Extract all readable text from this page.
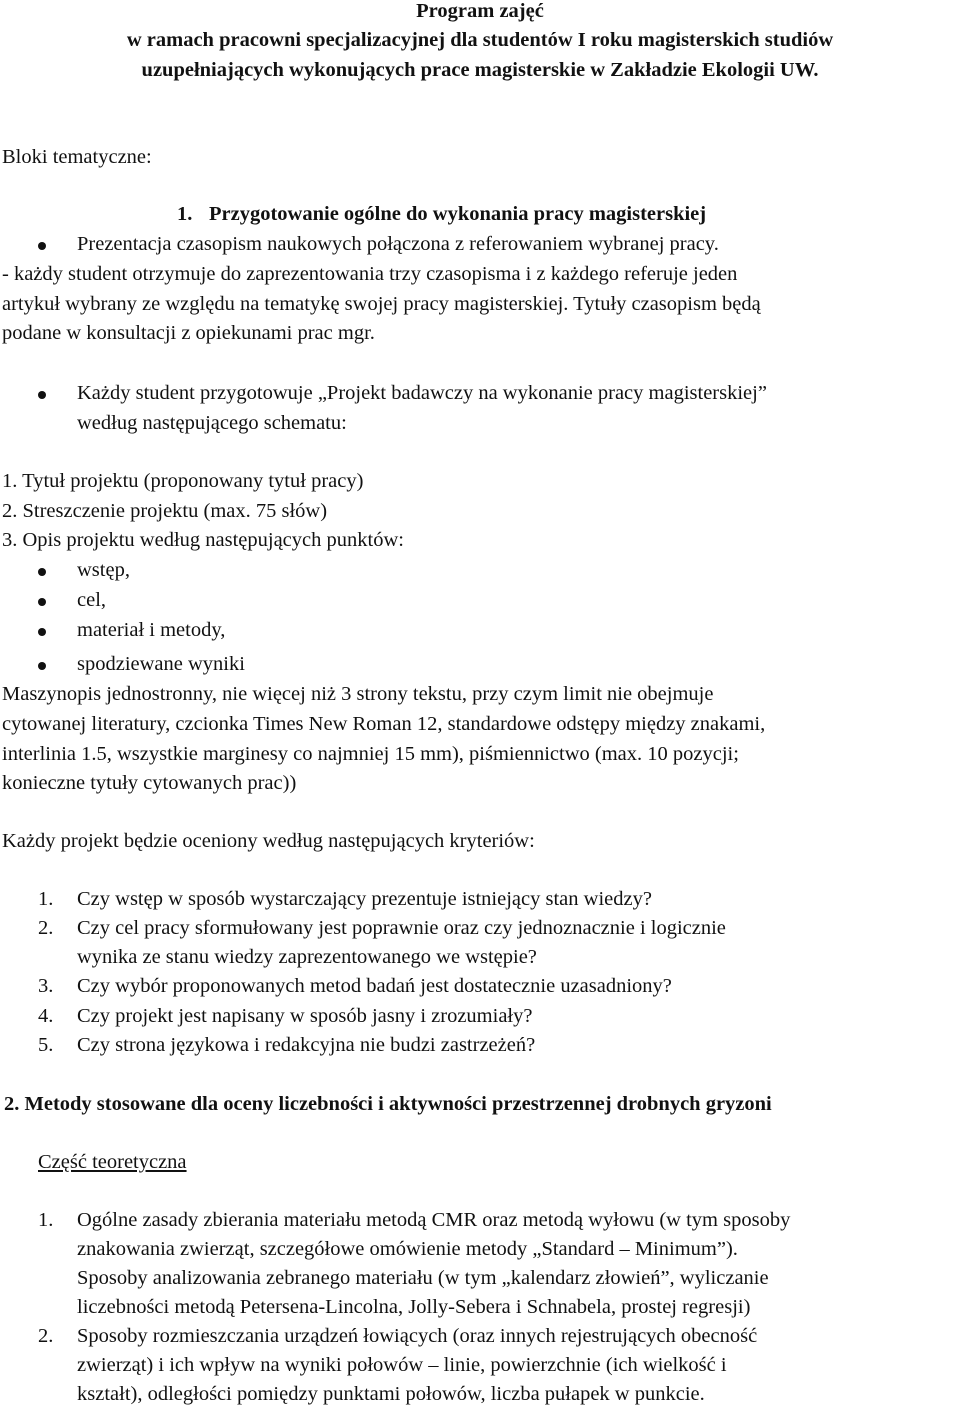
Program zajęć
w ramach pracowni specjalizacyjnej dla studentów I roku magisterskich studiów
uzupełniających wykonujących prace magisterskie w Zakładzie Ekologii UW.
Bloki tematyczne:
1. Przygotowanie ogólne do wykonania pracy magisterskiej
Prezentacja czasopism naukowych połączona z referowaniem wybranej pracy.
- każdy student otrzymuje do zaprezentowania trzy czasopisma i z każdego referuje jeden
artykuł wybrany ze względu na tematykę swojej pracy magisterskiej. Tytuły czasopism będą
podane w konsultacji z opiekunami prac mgr.
Każdy student przygotowuje „Projekt badawczy na wykonanie pracy magisterskiej”
według następującego schematu:
1. Tytuł projektu (proponowany tytuł pracy)
2. Streszczenie projektu (max. 75 słów)
3. Opis projektu według następujących punktów:
wstęp,
cel,
materiał i metody,
spodziewane wyniki
Maszynopis jednostronny, nie więcej niż 3 strony tekstu, przy czym limit nie obejmuje
cytowanej literatury, czcionka Times New Roman 12, standardowe odstępy między znakami,
interlinia 1.5, wszystkie marginesy co najmniej 15 mm), piśmiennictwo (max. 10 pozycji;
konieczne tytuły cytowanych prac))
Każdy projekt będzie oceniony według następujących kryteriów:
1. Czy wstęp w sposób wystarczający prezentuje istniejący stan wiedzy?
2. Czy cel pracy sformułowany jest poprawnie oraz czy jednoznacznie i logicznie
wynika ze stanu wiedzy zaprezentowanego we wstępie?
3. Czy wybór proponowanych metod badań jest dostatecznie uzasadniony?
4. Czy projekt jest napisany w sposób jasny i zrozumiały?
5. Czy strona językowa i redakcyjna nie budzi zastrzeżeń?
2. Metody stosowane dla oceny liczebności i aktywności przestrzennej drobnych gryzoni
Część teoretyczna
1. Ogólne zasady zbierania materiału metodą CMR oraz metodą wyłowu (w tym sposoby
znakowania zwierząt, szczegółowe omówienie metody „Standard – Minimum”).
Sposoby analizowania zebranego materiału (w tym „kalendarz złowień”, wyliczanie
liczebności metodą Petersena-Lincolna, Jolly-Sebera i Schnabela, prostej regresji)
2. Sposoby rozmieszczania urządzeń łowiących (oraz innych rejestrujących obecność
zwierząt) i ich wpływ na wyniki połowów – linie, powierzchnie (ich wielkość i
kształt), odległości pomiędzy punktami połowów, liczba pułapek w punkcie.
